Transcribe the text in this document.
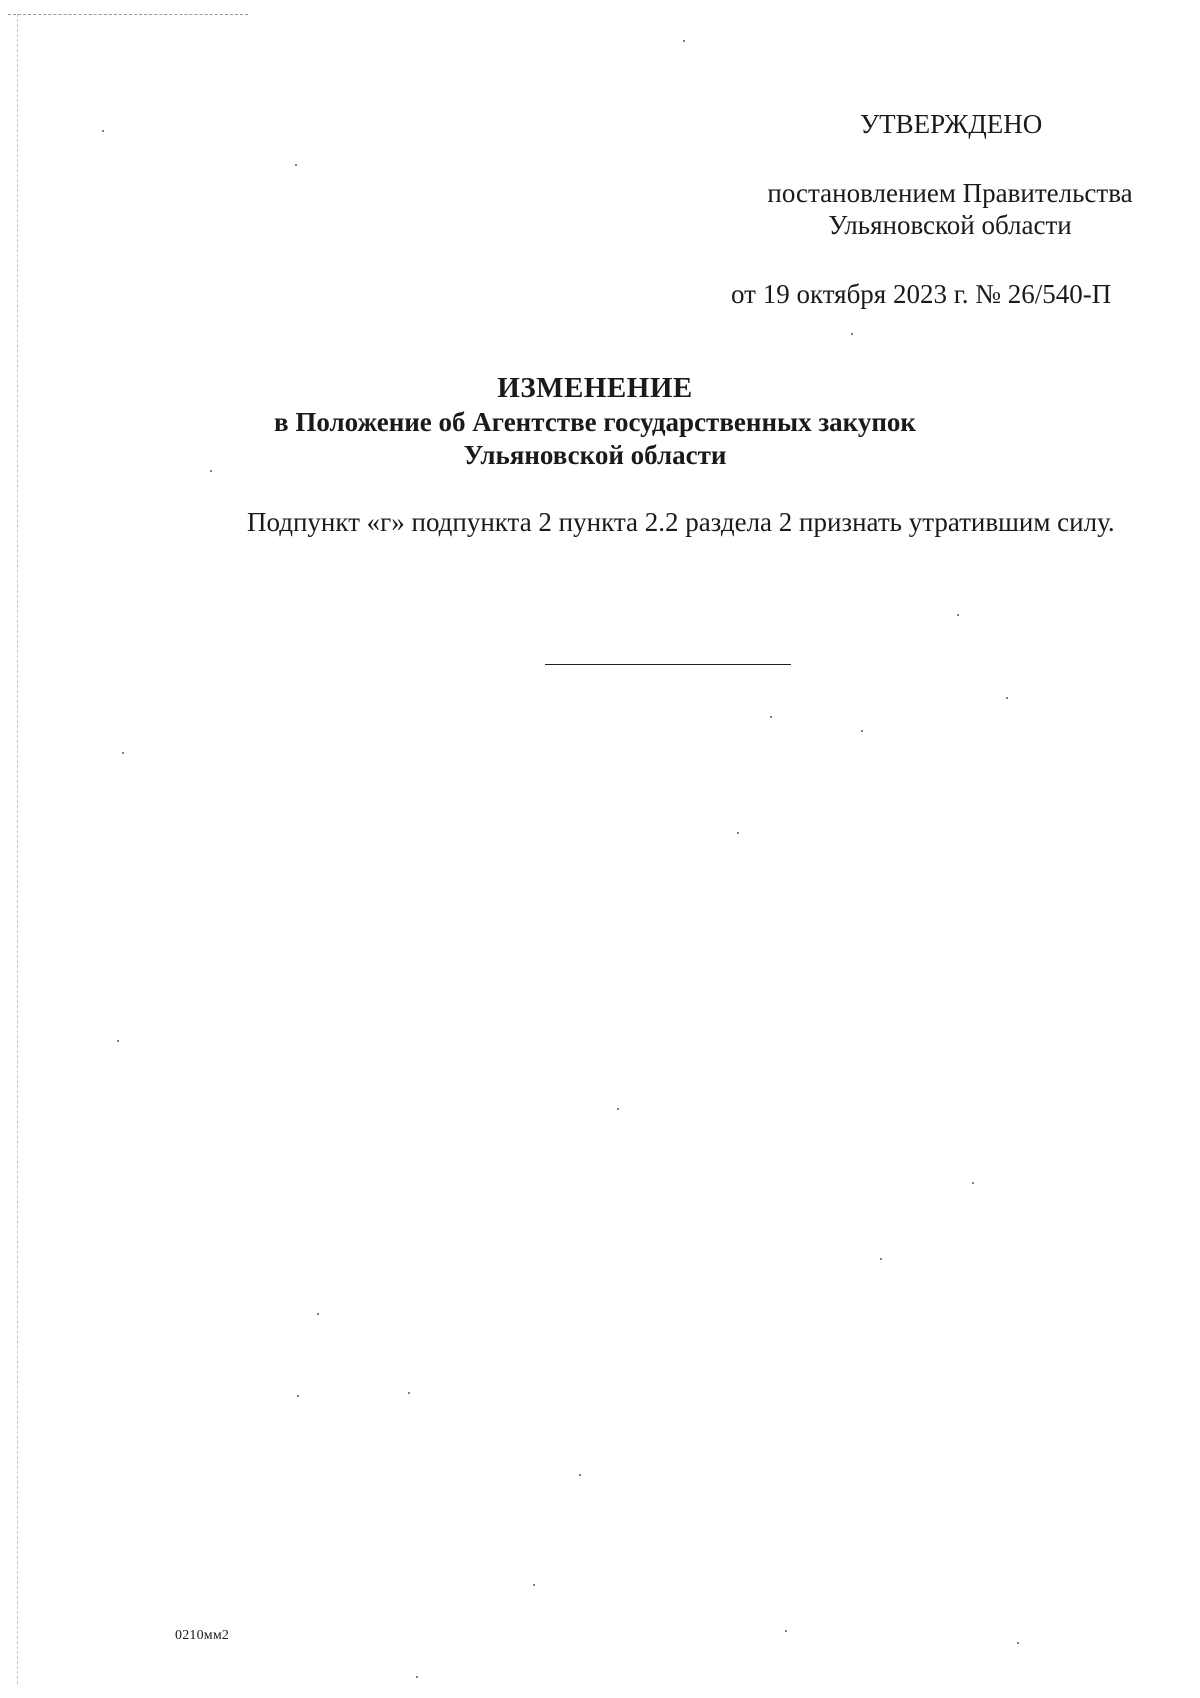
УТВЕРЖДЕНО
постановлением Правительства
Ульяновской области
от 19 октября 2023 г. № 26/540-П
ИЗМЕНЕНИЕ
в Положение об Агентстве государственных закупок
Ульяновской области
Подпункт «г» подпункта 2 пункта 2.2 раздела 2 признать утратившим силу.
0210мм2
